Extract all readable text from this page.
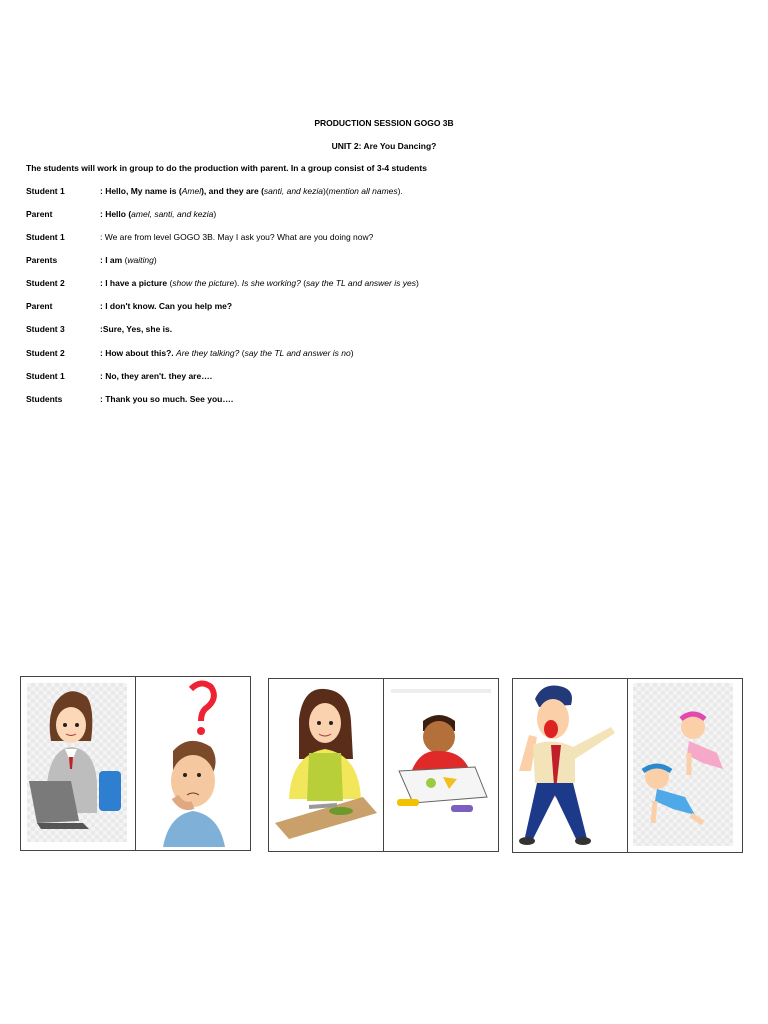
PRODUCTION SESSION GOGO 3B
UNIT 2: Are You Dancing?
The students will work in group to do the production with parent. In a group consist of 3-4 students
Student 1	: Hello, My name is (Amel), and they are (santi, and kezia)(mention all names).
Parent	: Hello (amel, santi, and kezia)
Student 1	: We are from level GOGO 3B. May I ask you? What are you doing now?
Parents	: I am (waiting)
Student 2	: I have a picture (show the picture). Is she working? (say the TL and answer is yes)
Parent	: I don't know. Can you help me?
Student 3	:Sure, Yes, she is.
Student 2	: How about this?. Are they talking? (say the TL and answer is no)
Student 1	: No, they aren't. they are….
Students	: Thank you so much. See you….
